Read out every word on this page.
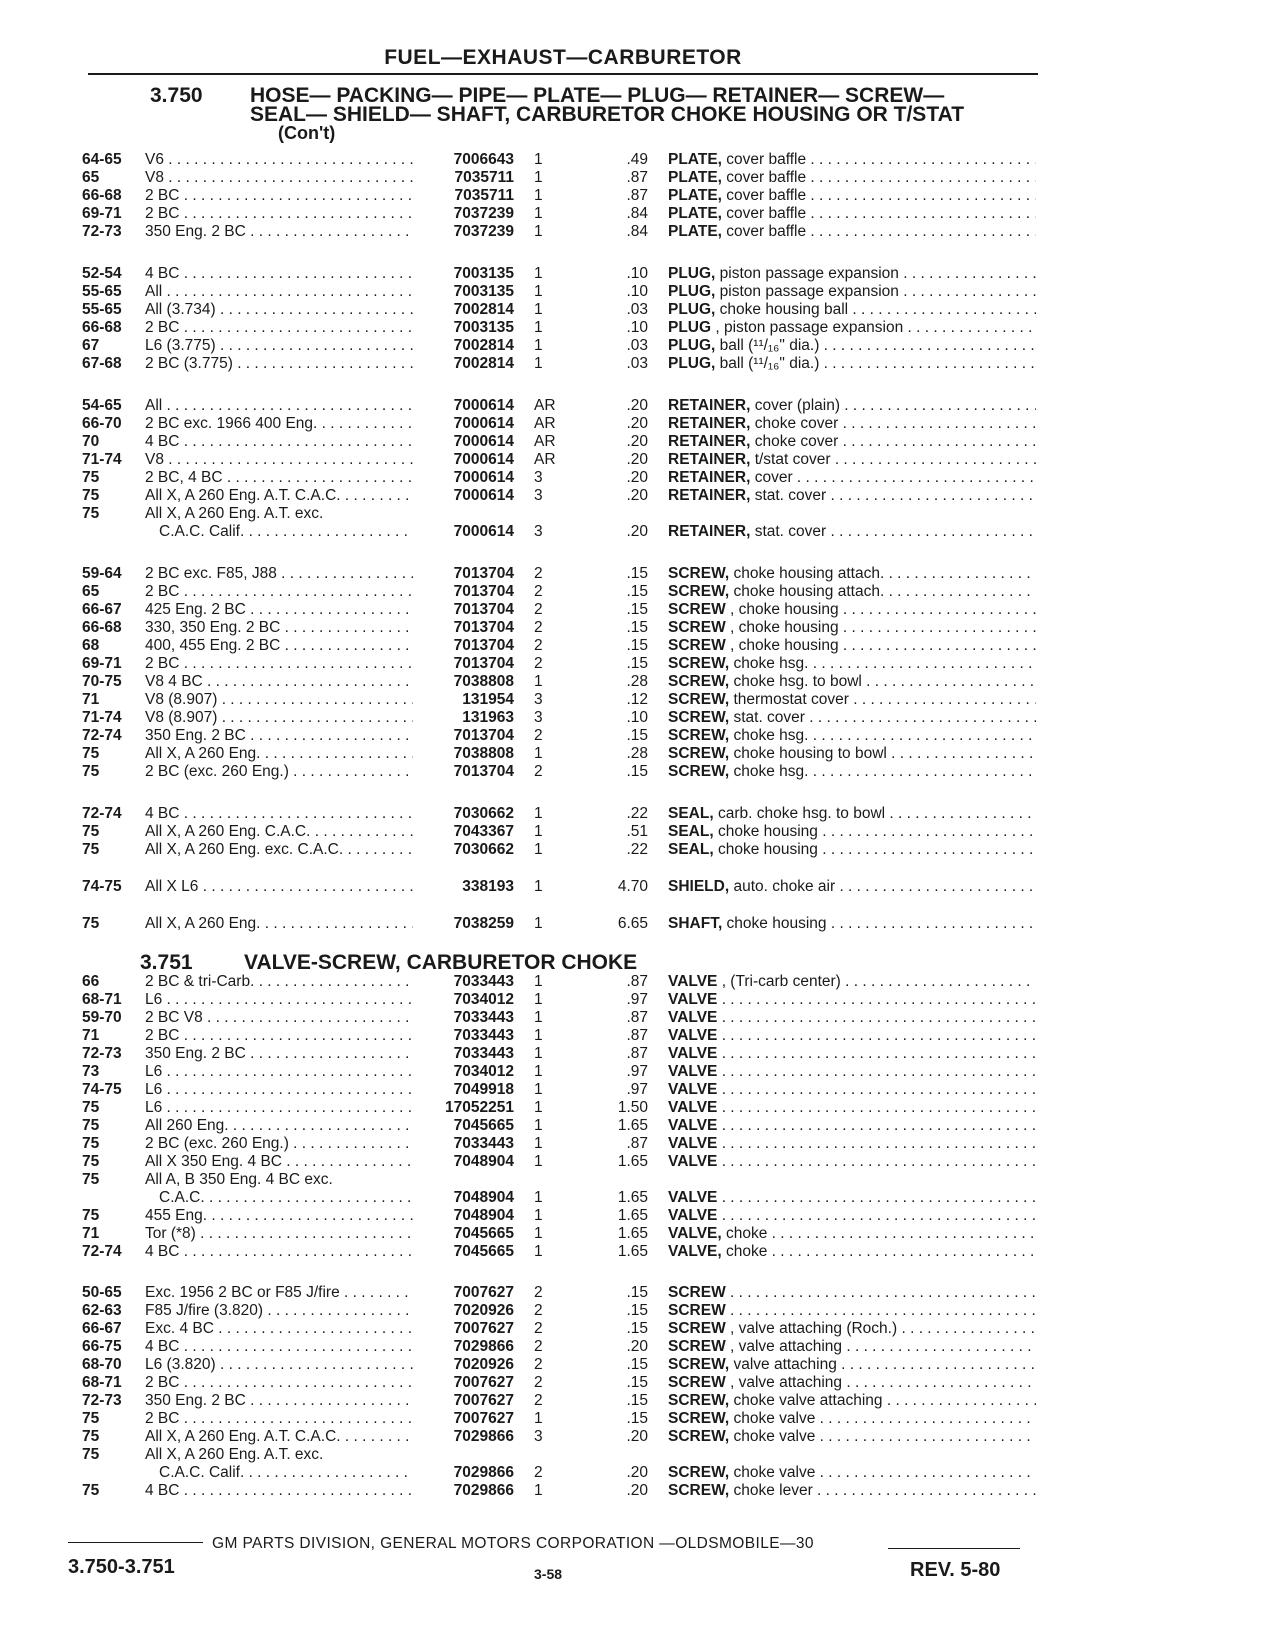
FUEL—EXHAUST—CARBURETOR
3.750 HOSE— PACKING— PIPE— PLATE— PLUG— RETAINER— SCREW—
SEAL— SHIELD— SHAFT, CARBURETOR CHOKE HOUSING OR T/STAT
(Con't)
64-65	V6 . . .	7006643 1	.49 PLATE, cover baffle . . .
65	V8 . . .	7035711 1	.87 PLATE, cover baffle . . .
66-68	2 BC . . .	7035711 1	.87 PLATE, cover baffle . . .
69-71	2 BC . . .	7037239 1	.84 PLATE, cover baffle . . .
72-73	350 Eng. 2 BC . . .	7037239 1	.84 PLATE, cover baffle . . .
52-54	4 BC . . .	7003135 1	.10 PLUG, piston passage expansion . . .
55-65	All . . .	7003135 1	.10 PLUG, piston passage expansion . . .
55-65	All (3.734) . . .	7002814 1	.03 PLUG, choke housing ball . . .
66-68	2 BC . . .	7003135 1	.10 PLUG , piston passage expansion . . .
67	L6 (3.775) . . .	7002814 1	.03 PLUG, ball (¹¹/₁₆" dia.) . . .
67-68	2 BC (3.775) . . .	7002814 1	.03 PLUG, ball (¹¹/₁₆" dia.) . . .
54-65	All . . .	7000614 AR	.20 RETAINER, cover (plain) . . .
66-70	2 BC exc. 1966 400 Eng. . . .	7000614 AR	.20 RETAINER, choke cover . . .
70	4 BC . . .	7000614 AR	.20 RETAINER, choke cover . . .
71-74	V8 . . .	7000614 AR	.20 RETAINER, t/stat cover . . .
75	2 BC, 4 BC . . .	7000614 3	.20 RETAINER, cover . . .
75	All X, A 260 Eng. A.T. C.A.C. . . .	7000614 3	.20 RETAINER, stat. cover . . .
75	All X, A 260 Eng. A.T. exc.
C.A.C. Calif. . . .	7000614 3	.20 RETAINER, stat. cover . . .
59-64	2 BC exc. F85, J88 . . .	7013704 2	.15 SCREW, choke housing attach. . . .
65	2 BC . . .	7013704 2	.15 SCREW, choke housing attach. . . .
66-67	425 Eng. 2 BC . . .	7013704 2	.15 SCREW , choke housing . . .
66-68	330, 350 Eng. 2 BC . . .	7013704 2	.15 SCREW , choke housing . . .
68	400, 455 Eng. 2 BC . . .	7013704 2	.15 SCREW , choke housing . . .
69-71	2 BC . . .	7013704 2	.15 SCREW, choke hsg. . . .
70-75	V8 4 BC . . .	7038808 1	.28 SCREW, choke hsg. to bowl . . .
71	V8 (8.907) . . .	131954 3	.12 SCREW, thermostat cover . . .
71-74	V8 (8.907) . . .	131963 3	.10 SCREW, stat. cover . . .
72-74	350 Eng. 2 BC . . .	7013704 2	.15 SCREW, choke hsg. . . .
75	All X, A 260 Eng. . . .	7038808 1	.28 SCREW, choke housing to bowl . . .
75	2 BC (exc. 260 Eng.) . . .	7013704 2	.15 SCREW, choke hsg. . . .
72-74	4 BC . . .	7030662 1	.22 SEAL, carb. choke hsg. to bowl . . .
75	All X, A 260 Eng. C.A.C. . . .	7043367 1	.51 SEAL, choke housing . . .
75	All X, A 260 Eng. exc. C.A.C. . . .	7030662 1	.22 SEAL, choke housing . . .
74-75	All X L6 . . .	338193 1	4.70 SHIELD, auto. choke air . . .
75	All X, A 260 Eng. . . .	7038259 1	6.65 SHAFT, choke housing . . .
3.751 VALVE-SCREW, CARBURETOR CHOKE
66	2 BC & tri-Carb. . . .	7033443 1	.87 VALVE , (Tri-carb center) . . .
68-71	L6 . . .	7034012 1	.97 VALVE . . .
59-70	2 BC V8 . . .	7033443 1	.87 VALVE . . .
71	2 BC . . .	7033443 1	.87 VALVE . . .
72-73	350 Eng. 2 BC . . .	7033443 1	.87 VALVE . . .
73	L6 . . .	7034012 1	.97 VALVE . . .
74-75	L6 . . .	7049918 1	.97 VALVE . . .
75	L6 . . .	17052251 1	1.50 VALVE . . .
75	All 260 Eng. . . .	7045665 1	1.65 VALVE . . .
75	2 BC (exc. 260 Eng.) . . .	7033443 1	.87 VALVE . . .
75	All X 350 Eng. 4 BC . . .	7048904 1	1.65 VALVE . . .
75	All A, B 350 Eng. 4 BC exc.
C.A.C. . . .	7048904 1	1.65 VALVE . . .
75	455 Eng. . . .	7048904 1	1.65 VALVE . . .
71	Tor (*8) . . .	7045665 1	1.65 VALVE, choke . . .
72-74	4 BC . . .	7045665 1	1.65 VALVE, choke . . .
50-65	Exc. 1956 2 BC or F85 J/fire . . .	7007627 2	.15 SCREW . . .
62-63	F85 J/fire (3.820) . . .	7020926 2	.15 SCREW . . .
66-67	Exc. 4 BC . . .	7007627 2	.15 SCREW , valve attaching (Roch.) . . .
66-75	4 BC . . .	7029866 2	.20 SCREW , valve attaching . . .
68-70	L6 (3.820) . . .	7020926 2	.15 SCREW, valve attaching . . .
68-71	2 BC . . .	7007627 2	.15 SCREW , valve attaching . . .
72-73	350 Eng. 2 BC . . .	7007627 2	.15 SCREW, choke valve attaching . . .
75	2 BC . . .	7007627 1	.15 SCREW, choke valve . . .
75	All X, A 260 Eng. A.T. C.A.C. . . .	7029866 3	.20 SCREW, choke valve . . .
75	All X, A 260 Eng. A.T. exc.
C.A.C. Calif. . . .	7029866 2	.20 SCREW, choke valve . . .
75	4 BC . . .	7029866 1	.20 SCREW, choke lever . . .
GM PARTS DIVISION, GENERAL MOTORS CORPORATION —OLDSMOBILE—30
3.750-3.751	3-58	REV. 5-80
